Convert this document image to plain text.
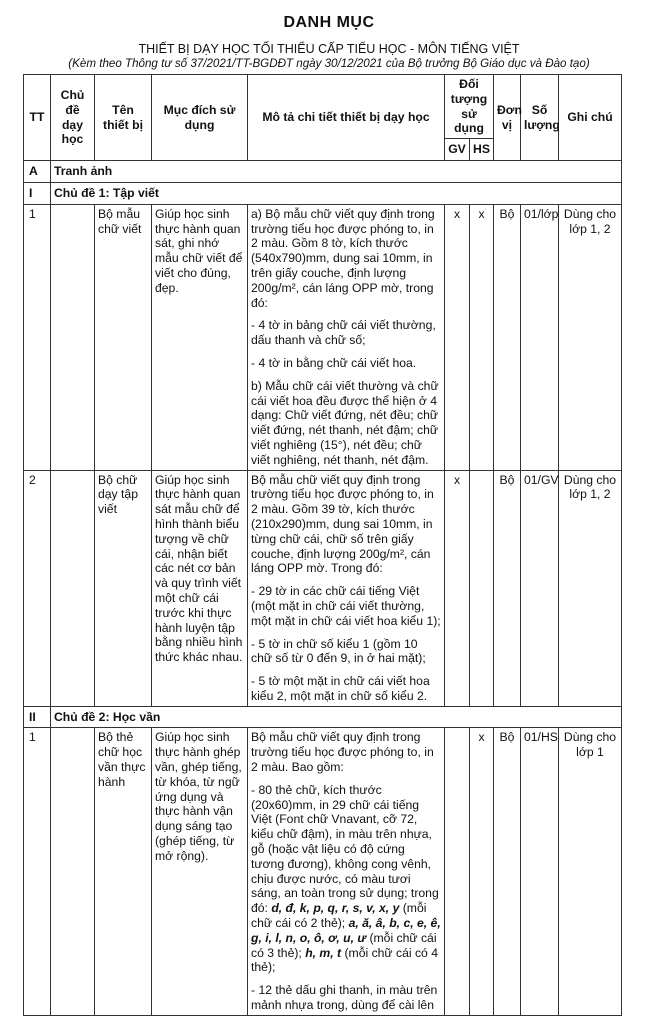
DANH MỤC
THIẾT BỊ DẠY HỌC TỐI THIỂU CẤP TIỂU HỌC - MÔN TIẾNG VIỆT
(Kèm theo Thông tư số 37/2021/TT-BGDĐT ngày 30/12/2021 của Bộ trưởng Bộ Giáo dục và Đào tạo)
TT	Chủ đề dạy học	Tên thiết bị	Mục đích sử dụng	Mô tả chi tiết thiết bị dạy học	Đối tượng sử dụng		Đơn vị	Số lượng	Ghi chú
					GV	HS			
A	Tranh ảnh								
I	Chủ đề 1: Tập viết								
1		Bộ mẫu chữ viết	Giúp học sinh thực hành quan sát, ghi nhớ mẫu chữ viết để viết cho đúng, đẹp.	a) Bộ mẫu chữ viết quy định trong trường tiểu học được phóng to, in 2 màu. Gồm 8 tờ, kích thước (540x790)mm, dung sai 10mm, in trên giấy couche, định lượng 200g/m², cán láng OPP mờ, trong đó:

- 4 tờ in bảng chữ cái viết thường, dấu thanh và chữ số;

- 4 tờ in bằng chữ cái viết hoa.

b) Mẫu chữ cái viết thường và chữ cái viết hoa đều được thể hiện ở 4 dạng: Chữ viết đứng, nét đều; chữ viết đứng, nét thanh, nét đậm; chữ viết nghiêng (15°), nét đều; chữ viết nghiêng, nét thanh, nét đậm.	x	x	Bộ	01/lớp	Dùng cho lớp 1, 2
2		Bộ chữ dạy tập viết	Giúp học sinh thực hành quan sát mẫu chữ để hình thành biểu tượng về chữ cái, nhận biết các nét cơ bản và quy trình viết một chữ cái trước khi thực hành luyện tập bằng nhiều hình thức khác nhau.	Bộ mẫu chữ viết quy định trong trường tiểu học được phóng to, in 2 màu. Gồm 39 tờ, kích thước (210x290)mm, dung sai 10mm, in từng chữ cái, chữ số trên giấy couche, định lượng 200g/m², cán láng OPP mờ. Trong đó:

- 29 tờ in các chữ cái tiếng Việt (một mặt in chữ cái viết thường, một mặt in chữ cái viết hoa kiểu 1);

- 5 tờ in chữ số kiểu 1 (gồm 10 chữ số từ 0 đến 9, in ở hai mặt);

- 5 tờ một mặt in chữ cái viết hoa kiểu 2, một mặt in chữ số kiểu 2.	x		Bộ	01/GV	Dùng cho lớp 1, 2
II	Chủ đề 2: Học vần								
1		Bộ thẻ chữ học vần thực hành	Giúp học sinh thực hành ghép vần, ghép tiếng, từ khóa, từ ngữ ứng dụng và thực hành vận dụng sáng tạo (ghép tiếng, từ mở rộng).	Bộ mẫu chữ viết quy định trong trường tiểu học được phóng to, in 2 màu. Bao gồm:

- 80 thẻ chữ, kích thước (20x60)mm, in 29 chữ cái tiếng Việt (Font chữ Vnavant, cỡ 72, kiểu chữ đậm), in màu trên nhựa, gỗ (hoặc vật liệu có độ cứng tương đương), không cong vênh, chịu được nước, có màu tươi sáng, an toàn trong sử dụng; trong đó: d, đ, k, p, q, r, s, v, x, y (mỗi chữ cái có 2 thẻ); a, ă, â, b, c, e, ê, g, i, l, n, o, ô, ơ, u, ư (mỗi chữ cái có 3 thẻ); h, m, t (mỗi chữ cái có 4 thẻ);

- 12 thẻ dấu ghi thanh, in màu trên mảnh nhựa trong, dùng để cài lên		x	Bộ	01/HS	Dùng cho lớp 1
